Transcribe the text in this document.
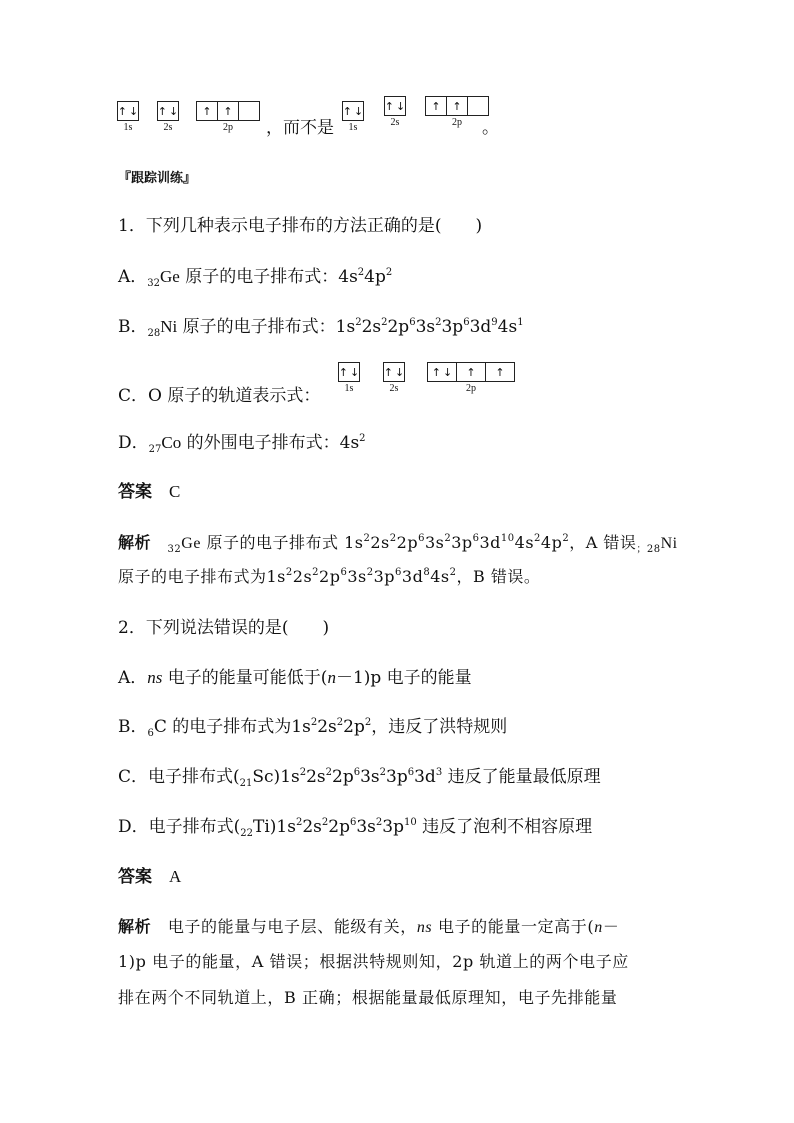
↑ ↓
1s
↑ ↓
2s
↑ ↑
2p ，而不是
↑ ↓
1s
↑ ↓
2s
↑ ↑
2p 。
『跟踪训练』
1．下列几种表示电子排布的方法正确的是(　　)
A．$_{32}$Ge 原子的电子排布式：$4s^24p^2$
B．$_{28}$Ni 原子的电子排布式：$1s^22s^22p^63s^23p^63d^94s^1$
C．O 原子的轨道表示式：
↑ ↓
1s
↑ ↓
2s
↑ ↓ ↑ ↑
2p
D．$_{27}$Co 的外围电子排布式：$4s^2$
答案　 C
解析　 $_{32}$Ge 原子的电子排布式 $1s^22s^22p^63s^23p^63d^{10}4s^24p^2$，A 错误$_{;28}$Ni
原子的电子排布式为$1s^22s^22p^63s^23p^63d^84s^2$，B 错误。
2．下列说法错误的是(　　)
A．ns 电子的能量可能低于(n－1)p 电子的能量
B．$_6$C 的电子排布式为$1s^22s^22p^2$，违反了洪特规则
C．电子排布式$(_{21}Sc)1s^22s^22p^63s^23p^63d^3$ 违反了能量最低原理
D．电子排布式$(_{22}Ti)1s^22s^22p^63s^23p^{10}$ 违反了泡利不相容原理
答案　 A
解析　 电子的能量与电子层、能级有关，ns 电子的能量一定高于(n－
1)p 电子的能量，A 错误；根据洪特规则知，2p 轨道上的两个电子应
排在两个不同轨道上，B 正确；根据能量最低原理知，电子先排能量
